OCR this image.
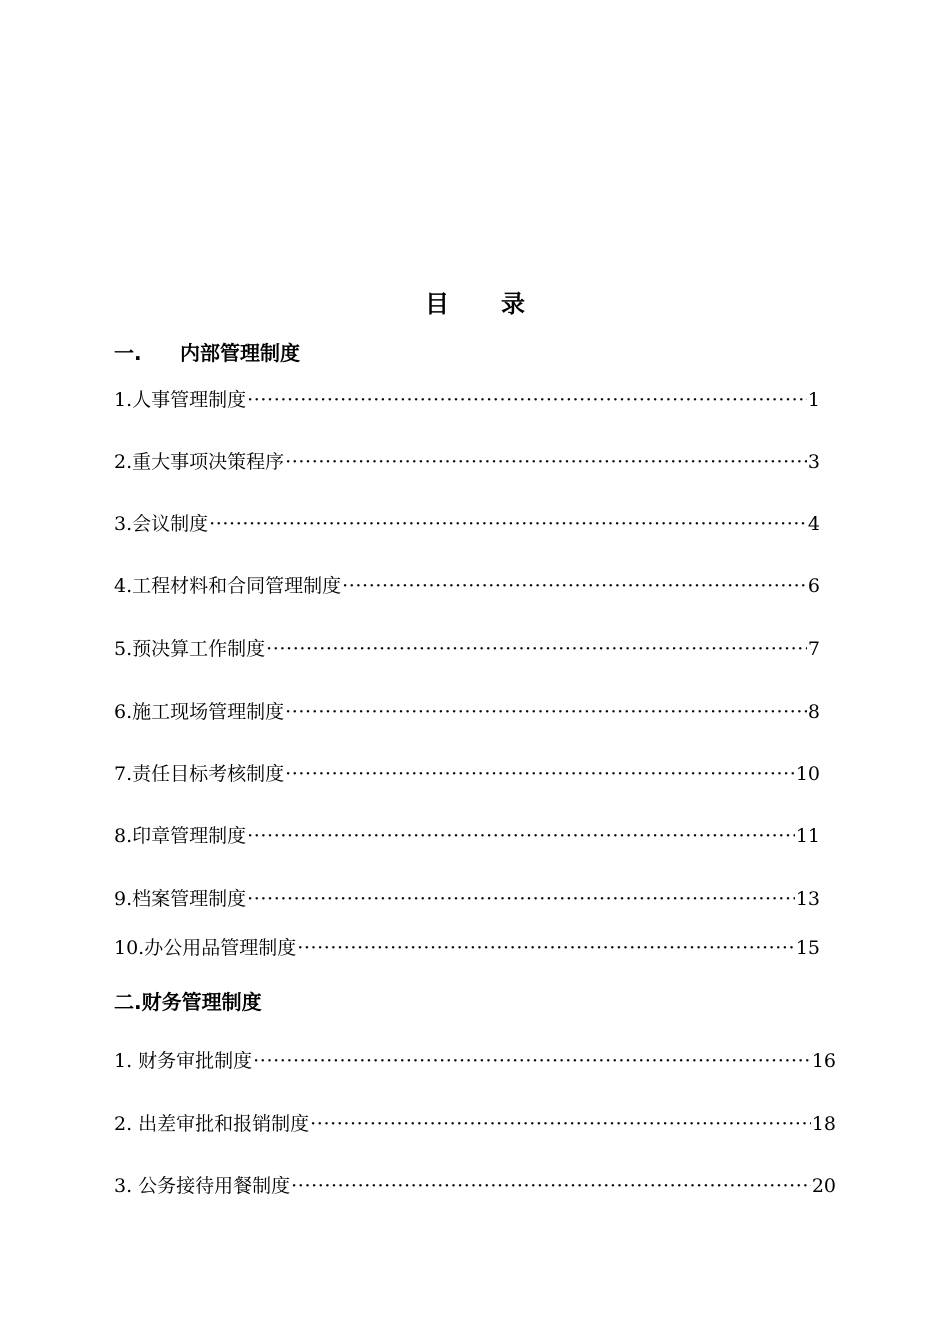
目 录
一. 内部管理制度
1.人事管理制度 ·····	1
2.重大事项决策程序 ·····	3
3.会议制度 ·····	4
4.工程材料和合同管理制度 ·····	6
5.预决算工作制度 ·····	7
6.施工现场管理制度 ·····	8
7.责任目标考核制度 ·····	10
8.印章管理制度 ·····	11
9.档案管理制度 ·····	13
10.办公用品管理制度 ·····	15
二.财务管理制度
1. 财务审批制度 ·····	16
2. 出差审批和报销制度 ·····	18
3. 公务接待用餐制度 ·····	20
